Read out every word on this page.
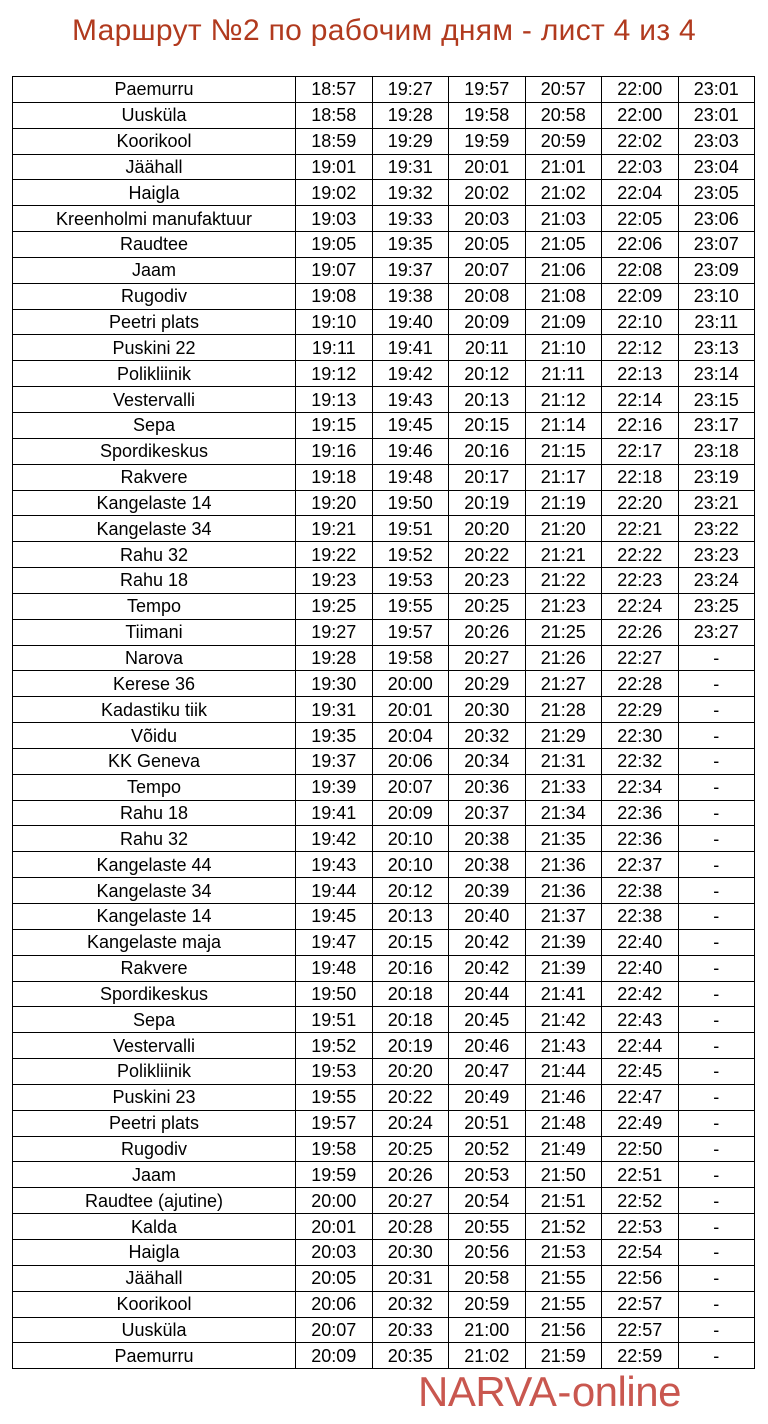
Маршрут №2 по рабочим дням - лист 4 из 4
Paemurru	18:57	19:27	19:57	20:57	22:00	23:01
Uusküla	18:58	19:28	19:58	20:58	22:00	23:01
Koorikool	18:59	19:29	19:59	20:59	22:02	23:03
Jäähall	19:01	19:31	20:01	21:01	22:03	23:04
Haigla	19:02	19:32	20:02	21:02	22:04	23:05
Kreenholmi manufaktuur	19:03	19:33	20:03	21:03	22:05	23:06
Raudtee	19:05	19:35	20:05	21:05	22:06	23:07
Jaam	19:07	19:37	20:07	21:06	22:08	23:09
Rugodiv	19:08	19:38	20:08	21:08	22:09	23:10
Peetri plats	19:10	19:40	20:09	21:09	22:10	23:11
Puskini 22	19:11	19:41	20:11	21:10	22:12	23:13
Polikliinik	19:12	19:42	20:12	21:11	22:13	23:14
Vestervalli	19:13	19:43	20:13	21:12	22:14	23:15
Sepa	19:15	19:45	20:15	21:14	22:16	23:17
Spordikeskus	19:16	19:46	20:16	21:15	22:17	23:18
Rakvere	19:18	19:48	20:17	21:17	22:18	23:19
Kangelaste 14	19:20	19:50	20:19	21:19	22:20	23:21
Kangelaste 34	19:21	19:51	20:20	21:20	22:21	23:22
Rahu 32	19:22	19:52	20:22	21:21	22:22	23:23
Rahu 18	19:23	19:53	20:23	21:22	22:23	23:24
Tempo	19:25	19:55	20:25	21:23	22:24	23:25
Tiimani	19:27	19:57	20:26	21:25	22:26	23:27
Narova	19:28	19:58	20:27	21:26	22:27	-
Kerese 36	19:30	20:00	20:29	21:27	22:28	-
Kadastiku tiik	19:31	20:01	20:30	21:28	22:29	-
Võidu	19:35	20:04	20:32	21:29	22:30	-
KK Geneva	19:37	20:06	20:34	21:31	22:32	-
Tempo	19:39	20:07	20:36	21:33	22:34	-
Rahu 18	19:41	20:09	20:37	21:34	22:36	-
Rahu 32	19:42	20:10	20:38	21:35	22:36	-
Kangelaste 44	19:43	20:10	20:38	21:36	22:37	-
Kangelaste 34	19:44	20:12	20:39	21:36	22:38	-
Kangelaste 14	19:45	20:13	20:40	21:37	22:38	-
Kangelaste maja	19:47	20:15	20:42	21:39	22:40	-
Rakvere	19:48	20:16	20:42	21:39	22:40	-
Spordikeskus	19:50	20:18	20:44	21:41	22:42	-
Sepa	19:51	20:18	20:45	21:42	22:43	-
Vestervalli	19:52	20:19	20:46	21:43	22:44	-
Polikliinik	19:53	20:20	20:47	21:44	22:45	-
Puskini 23	19:55	20:22	20:49	21:46	22:47	-
Peetri plats	19:57	20:24	20:51	21:48	22:49	-
Rugodiv	19:58	20:25	20:52	21:49	22:50	-
Jaam	19:59	20:26	20:53	21:50	22:51	-
Raudtee (ajutine)	20:00	20:27	20:54	21:51	22:52	-
Kalda	20:01	20:28	20:55	21:52	22:53	-
Haigla	20:03	20:30	20:56	21:53	22:54	-
Jäähall	20:05	20:31	20:58	21:55	22:56	-
Koorikool	20:06	20:32	20:59	21:55	22:57	-
Uusküla	20:07	20:33	21:00	21:56	22:57	-
Paemurru	20:09	20:35	21:02	21:59	22:59	-
NARVA-online
